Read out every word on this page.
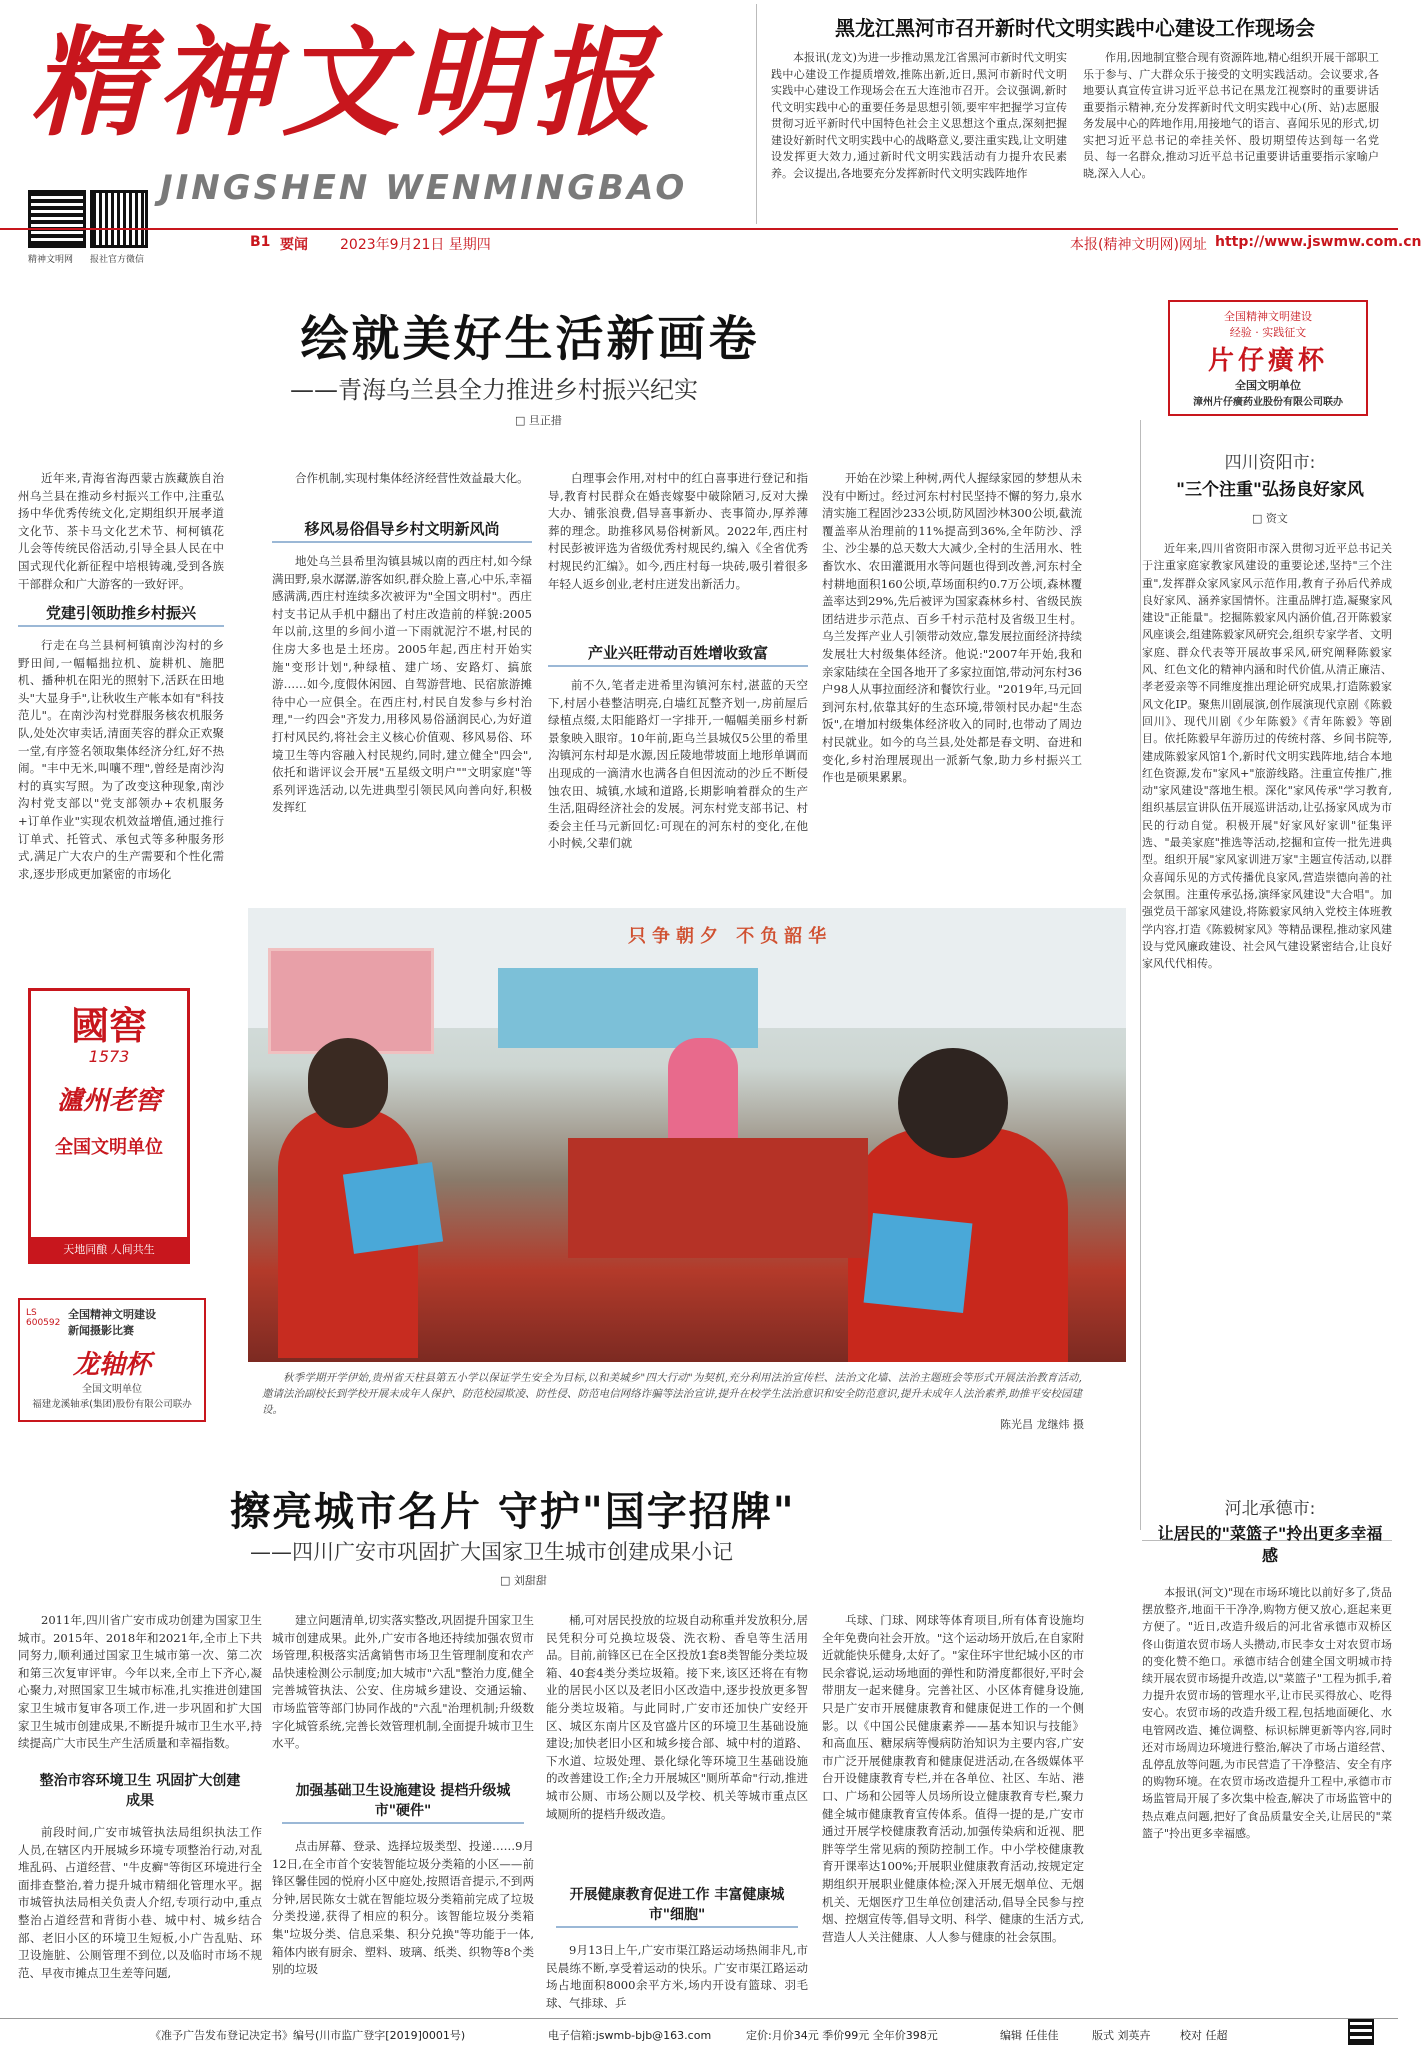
精神文明报
JINGSHEN WENMINGBAO
精神文明网	报社官方微信
黑龙江黑河市召开新时代文明实践中心建设工作现场会

本报讯(龙文)为进一步推动黑龙江省黑河市新时代文明实践中心建设工作提质增效,推陈出新,近日,黑河市新时代文明实践中心建设工作现场会在五大连池市召开。会议强调,新时代文明实践中心的重要任务是思想引领,要牢牢把握学习宣传贯彻习近平新时代中国特色社会主义思想这个重点,深刻把握建设好新时代文明实践中心的战略意义,要注重实践,让文明建设发挥更大效力,通过新时代文明实践活动有力提升农民素养。会议提出,各地要充分发挥新时代文明实践阵地作

作用,因地制宜整合现有资源阵地,精心组织开展干部职工乐于参与、广大群众乐于接受的文明实践活动。会议要求,各地要认真宣传宣讲习近平总书记在黑龙江视察时的重要讲话重要指示精神,充分发挥新时代文明实践中心(所、站)志愿服务发展中心的阵地作用,用接地气的语言、喜闻乐见的形式,切实把习近平总书记的牵挂关怀、殷切期望传达到每一名党员、每一名群众,推动习近平总书记重要讲话重要指示家喻户晓,深入人心。

B1 要闻 2023年9月21日 星期四	本报(精神文明网)网址 http://www.jswmw.com.cn
绘就美好生活新画卷
——青海乌兰县全力推进乡村振兴纪实
□ 旦正措

近年来,青海省海西蒙古族藏族自治州乌兰县在推动乡村振兴工作中,注重弘扬中华优秀传统文化,定期组织开展孝道文化节、茶卡马文化艺术节、柯柯镇花儿会等传统民俗活动,引导全县人民在中国式现代化新征程中培根铸魂,受到各族干部群众和广大游客的一致好评。

党建引领助推乡村振兴

行走在乌兰县柯柯镇南沙沟村的乡野田间,一幅幅拙拉机、旋耕机、施肥机、播种机在阳光的照射下,活跃在田地头"大显身手",让秋收生产帐本如有"科技范儿"。在南沙沟村党群服务核农机服务队,处处次审卖话,清面芙容的群众正欢聚一堂,有序签名领取集体经济分红,好不热闹。"丰中无米,叫嚷不理",曾经是南沙沟村的真实写照。为了改变这种现象,南沙沟村党支部以"党支部领办+农机服务+订单作业"实现农机效益增值,通过推行订单式、托管式、承包式等多种服务形式,满足广大农户的生产需要和个性化需求,逐步形成更加紧密的市场化

合作机制,实现村集体经济经营性效益最大化。

移风易俗倡导乡村文明新风尚

地处乌兰县希里沟镇县城以南的西庄村,如今绿满田野,泉水潺潺,游客如织,群众脸上喜,心中乐,幸福感满满,西庄村连续多次被评为"全国文明村"。西庄村支书记从手机中翻出了村庄改造前的样貌:2005年以前,这里的乡间小道一下雨就泥泞不堪,村民的住房大多也是土坯房。2005年起,西庄村开始实施"变形计划",种绿植、建广场、安路灯、搞旅游……如今,度假休闲园、自驾游营地、民宿旅游摊待中心一应俱全。在西庄村,村民自发参与乡村治理,"一约四会"齐发力,用移风易俗涵润民心,为好道打村风民约,将社会主义核心价值观、移风易俗、环境卫生等内容融入村民规约,同时,建立健全"四会",依托和谐评议会开展"五星级文明户""文明家庭"等系列评选活动,以先进典型引领民风向善向好,积极发挥红

白理事会作用,对村中的红白喜事进行登记和指导,教育村民群众在婚丧嫁娶中破除陋习,反对大操大办、铺张浪费,倡导喜事新办、丧事简办,厚养薄葬的理念。助推移风易俗树新风。2022年,西庄村村民彭被评选为省级优秀村规民约,编入《全省优秀村规民约汇编》。如今,西庄村每一块砖,吸引着很多年轻人返乡创业,老村庄迸发出新活力。

产业兴旺带动百姓增收致富

前不久,笔者走进希里沟镇河东村,湛蓝的天空下,村居小巷整洁明亮,白墙红瓦整齐划一,房前屋后绿植点缀,太阳能路灯一字排开,一幅幅美丽乡村新景象映入眼帘。10年前,距乌兰县城仅5公里的希里沟镇河东村却是水源,因丘陵地带坡面上地形单调而出现成的一滴清水也满各自但因流动的沙丘不断侵蚀农田、城镇,水域和道路,长期影响着群众的生产生活,阻碍经济社会的发展。河东村党支部书记、村委会主任马元新回忆:可现在的河东村的变化,在他小时候,父辈们就

开始在沙梁上种树,两代人握绿家园的梦想从未没有中断过。经过河东村村民坚持不懈的努力,泉水清实施工程固沙233公顷,防风固沙林300公顷,截流覆盖率从治理前的11%提高到36%,全年防沙、浮尘、沙尘暴的总天数大大减少,全村的生活用水、牲畜饮水、农田灌溉用水等问题也得到改善,河东村全村耕地面积160公顷,草场面积约0.7万公顷,森林覆盖率达到29%,先后被评为国家森林乡村、省级民族团结进步示范点、百乡千村示范村及省级卫生村。乌兰发挥产业人引领带动效应,靠发展拉面经济持续发展壮大村级集体经济。他说:"2007年开始,我和亲家陆续在全国各地开了多家拉面馆,带动河东村36户98人从事拉面经济和餐饮行业。"2019年,马元回到河东村,依靠其好的生态环境,带领村民办起"生态饭",在增加村级集体经济收入的同时,也带动了周边村民就业。如今的乌兰县,处处都是春文明、奋进和变化,乡村治理展现出一派新气象,助力乡村振兴工作也是硕果累累。

全国精神文明建设
经验 · 实践征文
片仔癀杯
全国文明单位
漳州片仔癀药业股份有限公司联办
四川资阳市:
"三个注重"弘扬良好家风
□ 资文

近年来,四川省资阳市深入贯彻习近平总书记关于注重家庭家教家风建设的重要论述,坚持"三个注重",发挥群众家风家风示范作用,教育子孙后代养成良好家风、涵养家国情怀。注重品牌打造,凝聚家风建设"正能量"。挖掘陈毅家风内涵价值,召开陈毅家风座谈会,组建陈毅家风研究会,组织专家学者、文明家庭、群众代表等开展故事采风,研究阐释陈毅家风、红色文化的精神内涵和时代价值,从清正廉洁、孝老爱亲等不同维度推出理论研究成果,打造陈毅家风文化IP。聚焦川剧展演,创作展演现代京剧《陈毅回川》、现代川剧《少年陈毅》《青年陈毅》等剧目。依托陈毅早年游历过的传统村落、乡间书院等,建成陈毅家风馆1个,新时代文明实践阵地,结合本地红色资源,发布"家风+"旅游线路。注重宣传推广,推动"家风建设"落地生根。深化"家风传承"学习教育,组织基层宣讲队伍开展巡讲活动,让弘扬家风成为市民的行动自觉。积极开展"好家风好家训"征集评选、"最美家庭"推选等活动,挖掘和宣传一批先进典型。组织开展"家风家训进万家"主题宣传活动,以群众喜闻乐见的方式传播优良家风,营造崇德向善的社会氛围。注重传承弘扬,演绎家风建设"大合唱"。加强党员干部家风建设,将陈毅家风纳入党校主体班教学内容,打造《陈毅树家风》等精品课程,推动家风建设与党风廉政建设、社会风气建设紧密结合,让良好家风代代相传。

國窖
1573
瀘州老窖
全国文明单位
天地同酿 人间共生
LS 600592
全国精神文明建设
新闻摄影比赛
龙轴杯
全国文明单位
福建龙溪轴承(集团)股份有限公司联办
只争朝夕 不负韶华

秋季学期开学伊始,贵州省天柱县第五小学以保证学生安全为目标,以和美城乡"四大行动"为契机,充分利用法治宣传栏、法治文化墙、法治主题班会等形式开展法治教育活动,邀请法治副校长到学校开展未成年人保护、防范校园欺凌、防性侵、防范电信网络诈骗等法治宣讲,提升在校学生法治意识和安全防范意识,提升未成年人法治素养,助推平安校园建设。

陈光昌 龙继炜 摄
擦亮城市名片 守护"国字招牌"
——四川广安市巩固扩大国家卫生城市创建成果小记
□ 刘甜甜

2011年,四川省广安市成功创建为国家卫生城市。2015年、2018年和2021年,全市上下共同努力,顺利通过国家卫生城市第一次、第二次和第三次复审评审。今年以来,全市上下齐心,凝心聚力,对照国家卫生城市标准,扎实推进创建国家卫生城市复审各项工作,进一步巩固和扩大国家卫生城市创建成果,不断提升城市卫生水平,持续提高广大市民生产生活质量和幸福指数。

整治市容环境卫生 巩固扩大创建成果

前段时间,广安市城管执法局组织执法工作人员,在辖区内开展城乡环境专项整治行动,对乱堆乱码、占道经营、"牛皮癣"等街区环境进行全面排查整治,着力提升城市精细化管理水平。据市城管执法局相关负责人介绍,专项行动中,重点整治占道经营和背街小巷、城中村、城乡结合部、老旧小区的环境卫生短板,小广告乱贴、环卫设施脏、公厕管理不到位,以及临时市场不规范、早夜市摊点卫生差等问题,

建立问题清单,切实落实整改,巩固提升国家卫生城市创建成果。此外,广安市各地还持续加强农贸市场管理,积极落实活禽销售市场卫生管理制度和农产品快速检测公示制度;加大城市"六乱"整治力度,健全完善城管执法、公安、住房城乡建设、交通运输、市场监管等部门协同作战的"六乱"治理机制;升级数字化城管系统,完善长效管理机制,全面提升城市卫生水平。

加强基础卫生设施建设 提档升级城市"硬件"

点击屏幕、登录、选择垃圾类型、投递……9月12日,在全市首个安装智能垃圾分类箱的小区——前锋区馨佳园的悦府小区中庭处,按照语音提示,不到两分钟,居民陈女士就在智能垃圾分类箱前完成了垃圾分类投递,获得了相应的积分。该智能垃圾分类箱集"垃圾分类、信息采集、积分兑换"等功能于一体,箱体内嵌有厨余、塑料、玻璃、纸类、织物等8个类别的垃圾

桶,可对居民投放的垃圾自动称重并发放积分,居民凭积分可兑换垃圾袋、洗衣粉、香皂等生活用品。目前,前锋区已在全区投放1套8类智能分类垃圾箱、40套4类分类垃圾箱。接下来,该区还将在有物业的居民小区以及老旧小区改造中,逐步投放更多智能分类垃圾箱。与此同时,广安市还加快广安经开区、城区东南片区及官盛片区的环境卫生基础设施建设;加快老旧小区和城乡接合部、城中村的道路、下水道、垃圾处理、景化绿化等环境卫生基础设施的改善建设工作;全力开展城区"厕所革命"行动,推进城市公厕、市场公厕以及学校、机关等城市重点区域厕所的提档升级改造。

开展健康教育促进工作 丰富健康城市"细胞"

9月13日上午,广安市渠江路运动场热闹非凡,市民晨练不断,享受着运动的快乐。广安市渠江路运动场占地面积8000余平方米,场内开设有篮球、羽毛球、气排球、乒

乓球、门球、网球等体育项目,所有体育设施均全年免费向社会开放。"这个运动场开放后,在自家附近就能快乐健身,太好了。"家住环宇世纪城小区的市民余睿说,运动场地面的弹性和防滑度都很好,平时会带朋友一起来健身。完善社区、小区体育健身设施,只是广安市开展健康教育和健康促进工作的一个侧影。以《中国公民健康素养——基本知识与技能》和高血压、糖尿病等慢病防治知识为主要内容,广安市广泛开展健康教育和健康促进活动,在各级媒体平台开设健康教育专栏,并在各单位、社区、车站、港口、广场和公园等人员场所设立健康教育专栏,聚力健全城市健康教育宣传体系。值得一提的是,广安市通过开展学校健康教育活动,加强传染病和近视、肥胖等学生常见病的预防控制工作。中小学校健康教育开课率达100%;开展职业健康教育活动,按规定定期组织开展职业健康体检;深入开展无烟单位、无烟机关、无烟医疗卫生单位创建活动,倡导全民参与控烟、控烟宣传等,倡导文明、科学、健康的生活方式,营造人人关注健康、人人参与健康的社会氛围。

河北承德市:
让居民的"菜篮子"拎出更多幸福感

本报讯(河文)"现在市场环境比以前好多了,货品摆放整齐,地面干干净净,购物方便又放心,逛起来更方便了。"近日,改造升级后的河北省承德市双桥区佟山街道农贸市场人头攒动,市民李女士对农贸市场的变化赞不绝口。承德市结合创建全国文明城市持续开展农贸市场提升改造,以"菜篮子"工程为抓手,着力提升农贸市场的管理水平,让市民买得放心、吃得安心。农贸市场的改造升级工程,包括地面硬化、水电管网改造、摊位调整、标识标牌更新等内容,同时还对市场周边环境进行整治,解决了市场占道经营、乱停乱放等问题,为市民营造了干净整洁、安全有序的购物环境。在农贸市场改造提升工程中,承德市市场监管局开展了多次集中检查,解决了市场监管中的热点难点问题,把好了食品质量安全关,让居民的"菜篮子"拎出更多幸福感。

《准予广告发布登记决定书》编号(川市监广登字[2019]0001号)	电子信箱:jswmb-bjb@163.com	定价:月价34元 季价99元 全年价398元	编辑 任佳佳	版式 刘英卉	校对 任超
